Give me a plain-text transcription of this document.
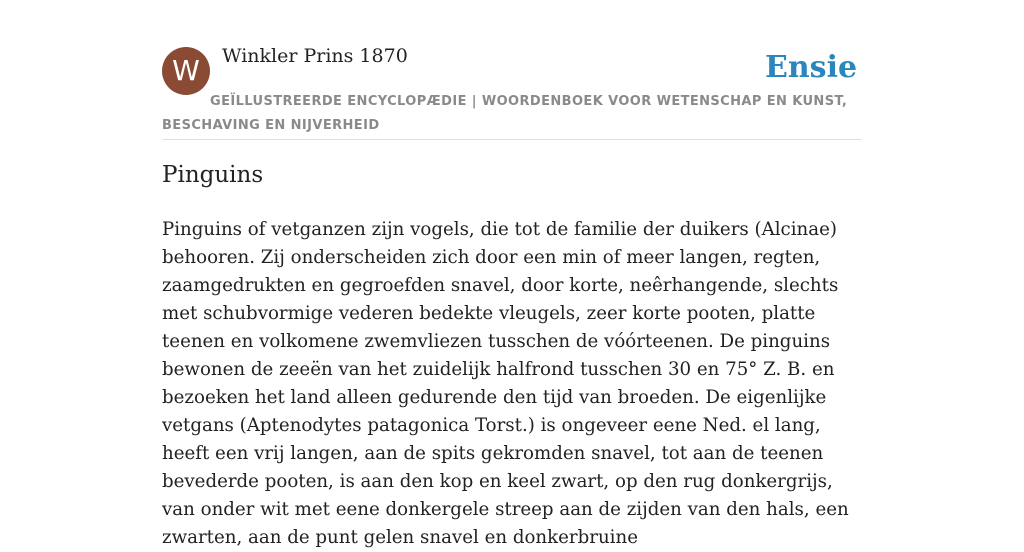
W	Winkler Prins 1870	Ensie
GEÏLLUSTREERDE ENCYCLOPÆDIE | WOORDENBOEK VOOR WETENSCHAP EN KUNST, BESCHAVING EN NIJVERHEID
Pinguins

Pinguins of vetganzen zijn vogels, die tot de familie der duikers (Alcinae) behooren. Zij onderscheiden zich door een min of meer langen, regten, zaamgedrukten en gegroefden snavel, door korte, neêrhangende, slechts met schubvormige vederen bedekte vleugels, zeer korte pooten, platte teenen en volkomene zwemvliezen tusschen de vóórteenen. De pinguins bewonen de zeeën van het zuidelijk halfrond tusschen 30 en 75° Z. B. en bezoeken het land alleen gedurende den tijd van broeden. De eigenlijke vetgans (Aptenodytes patagonica Torst.) is ongeveer eene Ned. el lang, heeft een vrij langen, aan de spits gekromden snavel, tot aan de teenen bevederde pooten, is aan den kop en keel zwart, op den rug donkergrijs, van onder wit met eene donkergele streep aan de zijden van den hals, een zwarten, aan de punt gelen snavel en donkerbruine
